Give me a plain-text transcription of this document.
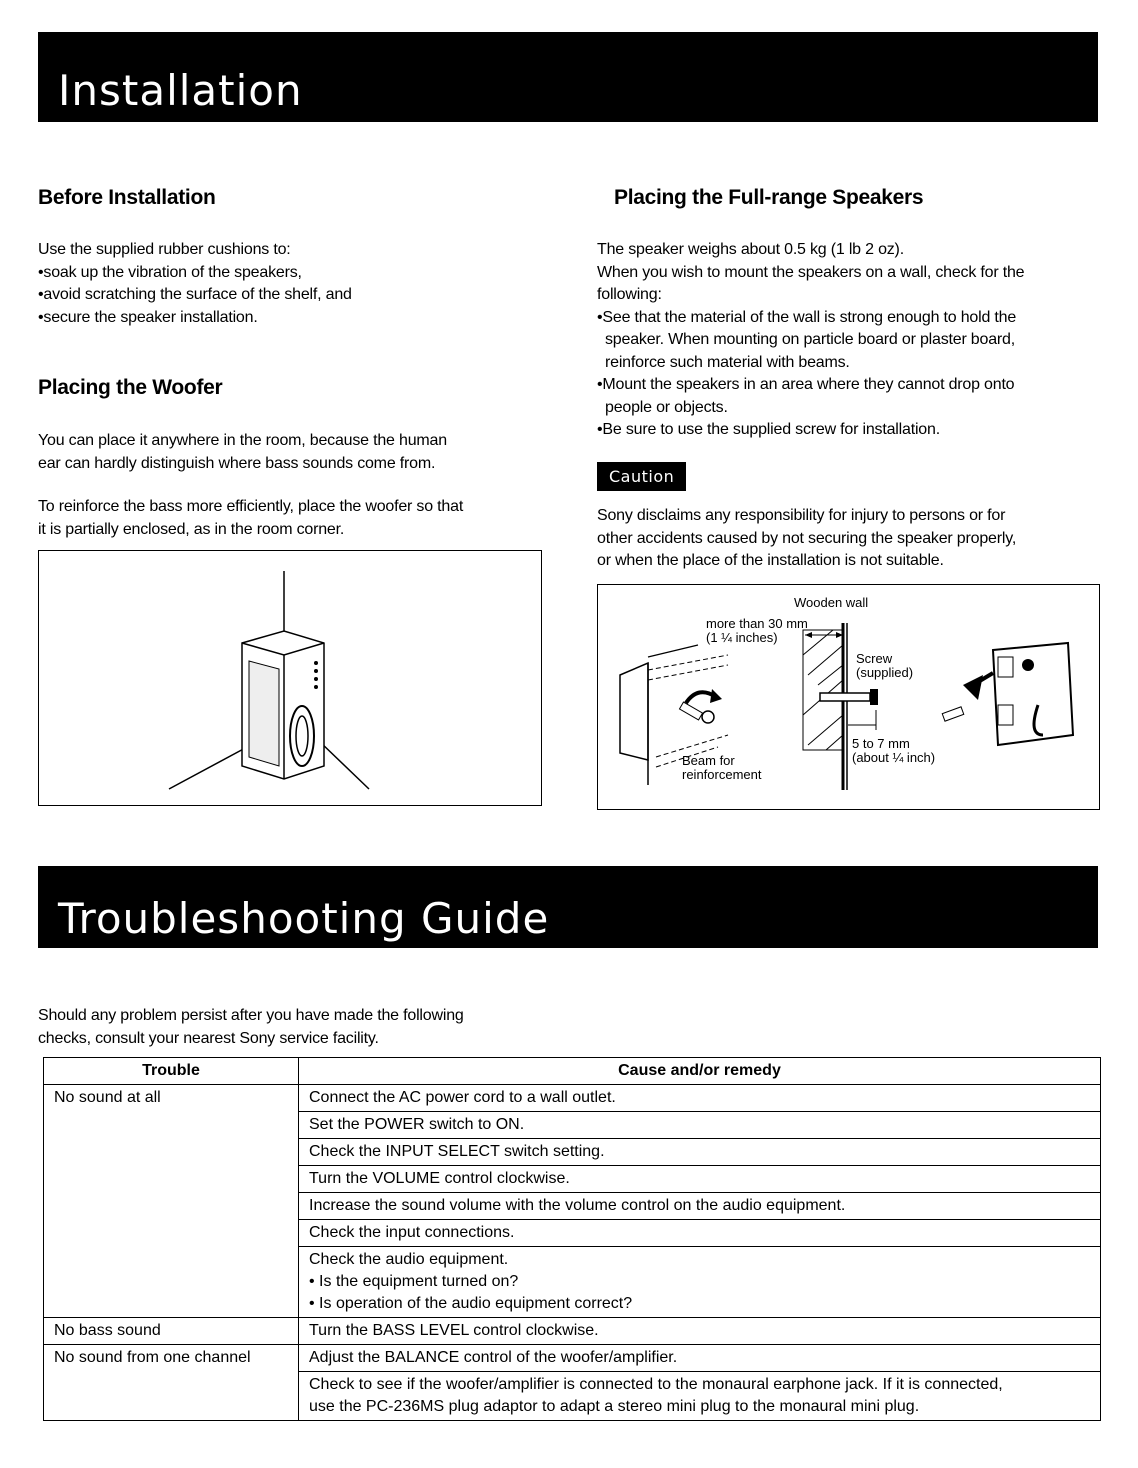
Installation
Before Installation
Use the supplied rubber cushions to:
•soak up the vibration of the speakers,
•avoid scratching the surface of the shelf, and
•secure the speaker installation.
Placing the Woofer
You can place it anywhere in the room, because the human
ear can hardly distinguish where bass sounds come from.
To reinforce the bass more efficiently, place the woofer so that
it is partially enclosed, as in the room corner.
Placing the Full-range Speakers
The speaker weighs about 0.5 kg (1 lb 2 oz).
When you wish to mount the speakers on a wall, check for the
following:
•See that the material of the wall is strong enough to hold the
speaker. When mounting on particle board or plaster board,
reinforce such material with beams.
•Mount the speakers in an area where they cannot drop onto
people or objects.
•Be sure to use the supplied screw for installation.
Caution
Sony disclaims any responsibility for injury to persons or for
other accidents caused by not securing the speaker properly,
or when the place of the installation is not suitable.
Wooden wall
more than 30 mm
(1 ¼ inches)
Screw
(supplied)
5 to 7 mm
(about ¼ inch)
Beam for
reinforcement
Troubleshooting Guide
Should any problem persist after you have made the following
checks, consult your nearest Sony service facility.
Trouble	Cause and/or remedy
No sound at all	Connect the AC power cord to a wall outlet.
	Set the POWER switch to ON.
	Check the INPUT SELECT switch setting.
	Turn the VOLUME control clockwise.
	Increase the sound volume with the volume control on the audio equipment.
	Check the input connections.

	Check the audio equipment.
• Is the equipment turned on?
• Is operation of the audio equipment correct?

No bass sound	Turn the BASS LEVEL control clockwise.
No sound from one channel	Adjust the BALANCE control of the woofer/amplifier.

	Check to see if the woofer/amplifier is connected to the monaural earphone jack. If it is connected,
use the PC-236MS plug adaptor to adapt a stereo mini plug to the monaural mini plug.
